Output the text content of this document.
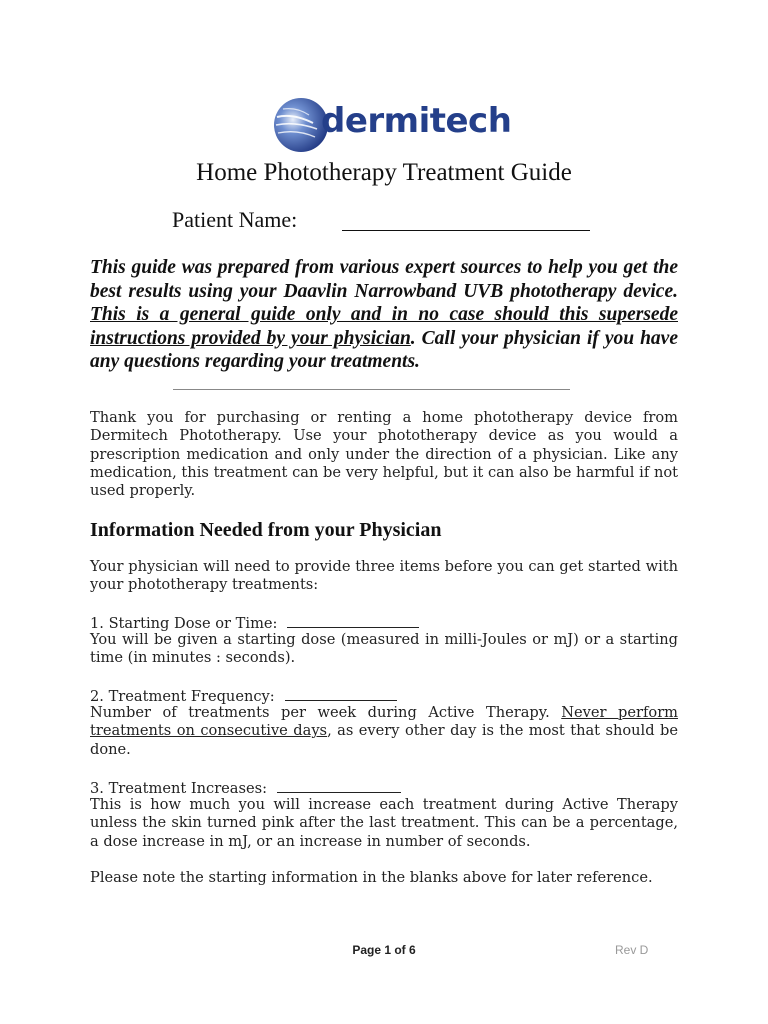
dermitech
Home Phototherapy Treatment Guide
Patient Name:
This guide was prepared from various expert sources to help you get the best results using your Daavlin Narrowband UVB phototherapy device. This is a general guide only and in no case should this supersede instructions provided by your physician. Call your physician if you have any questions regarding your treatments.
Thank you for purchasing or renting a home phototherapy device from Dermitech Phototherapy. Use your phototherapy device as you would a prescription medication and only under the direction of a physician. Like any medication, this treatment can be very helpful, but it can also be harmful if not used properly.
Information Needed from your Physician
Your physician will need to provide three items before you can get started with your phototherapy treatments:
1. Starting Dose or Time:
You will be given a starting dose (measured in milli-Joules or mJ) or a starting time (in minutes : seconds).
2. Treatment Frequency:
Number of treatments per week during Active Therapy. Never perform treatments on consecutive days, as every other day is the most that should be done.
3. Treatment Increases:
This is how much you will increase each treatment during Active Therapy unless the skin turned pink after the last treatment. This can be a percentage, a dose increase in mJ, or an increase in number of seconds.
Please note the starting information in the blanks above for later reference.
Page 1 of 6	Rev D
